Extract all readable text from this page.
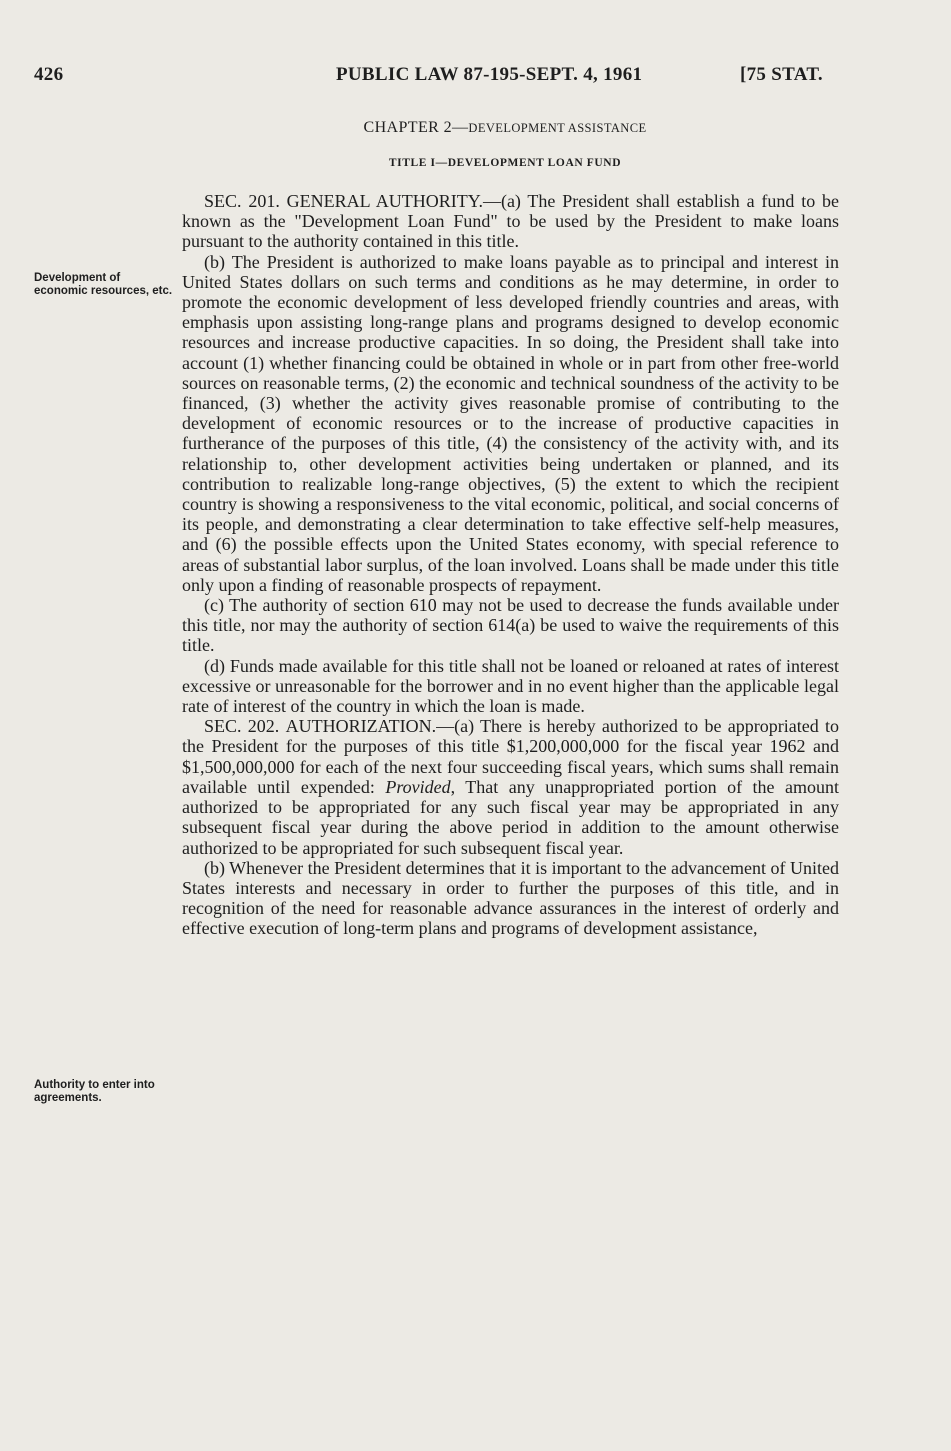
426	PUBLIC LAW 87-195-SEPT. 4, 1961	[75 STAT.
CHAPTER 2—DEVELOPMENT ASSISTANCE
TITLE I—DEVELOPMENT LOAN FUND
Development of economic resources, etc.
Authority to enter into agreements.

SEC. 201. GENERAL AUTHORITY.—(a) The President shall establish a fund to be known as the "Development Loan Fund" to be used by the President to make loans pursuant to the authority contained in this title.

(b) The President is authorized to make loans payable as to principal and interest in United States dollars on such terms and conditions as he may determine, in order to promote the economic development of less developed friendly countries and areas, with emphasis upon assisting long-range plans and programs designed to develop economic resources and increase productive capacities. In so doing, the President shall take into account (1) whether financing could be obtained in whole or in part from other free-world sources on reasonable terms, (2) the economic and technical soundness of the activity to be financed, (3) whether the activity gives reasonable promise of contributing to the development of economic resources or to the increase of productive capacities in furtherance of the purposes of this title, (4) the consistency of the activity with, and its relationship to, other development activities being undertaken or planned, and its contribution to realizable long-range objectives, (5) the extent to which the recipient country is showing a responsiveness to the vital economic, political, and social concerns of its people, and demonstrating a clear determination to take effective self-help measures, and (6) the possible effects upon the United States economy, with special reference to areas of substantial labor surplus, of the loan involved. Loans shall be made under this title only upon a finding of reasonable prospects of repayment.

(c) The authority of section 610 may not be used to decrease the funds available under this title, nor may the authority of section 614(a) be used to waive the requirements of this title.

(d) Funds made available for this title shall not be loaned or reloaned at rates of interest excessive or unreasonable for the borrower and in no event higher than the applicable legal rate of interest of the country in which the loan is made.

SEC. 202. AUTHORIZATION.—(a) There is hereby authorized to be appropriated to the President for the purposes of this title $1,200,000,000 for the fiscal year 1962 and $1,500,000,000 for each of the next four succeeding fiscal years, which sums shall remain available until expended: Provided, That any unappropriated portion of the amount authorized to be appropriated for any such fiscal year may be appropriated in any subsequent fiscal year during the above period in addition to the amount otherwise authorized to be appropriated for such subsequent fiscal year.

(b) Whenever the President determines that it is important to the advancement of United States interests and necessary in order to further the purposes of this title, and in recognition of the need for reasonable advance assurances in the interest of orderly and effective execution of long-term plans and programs of development assistance,
